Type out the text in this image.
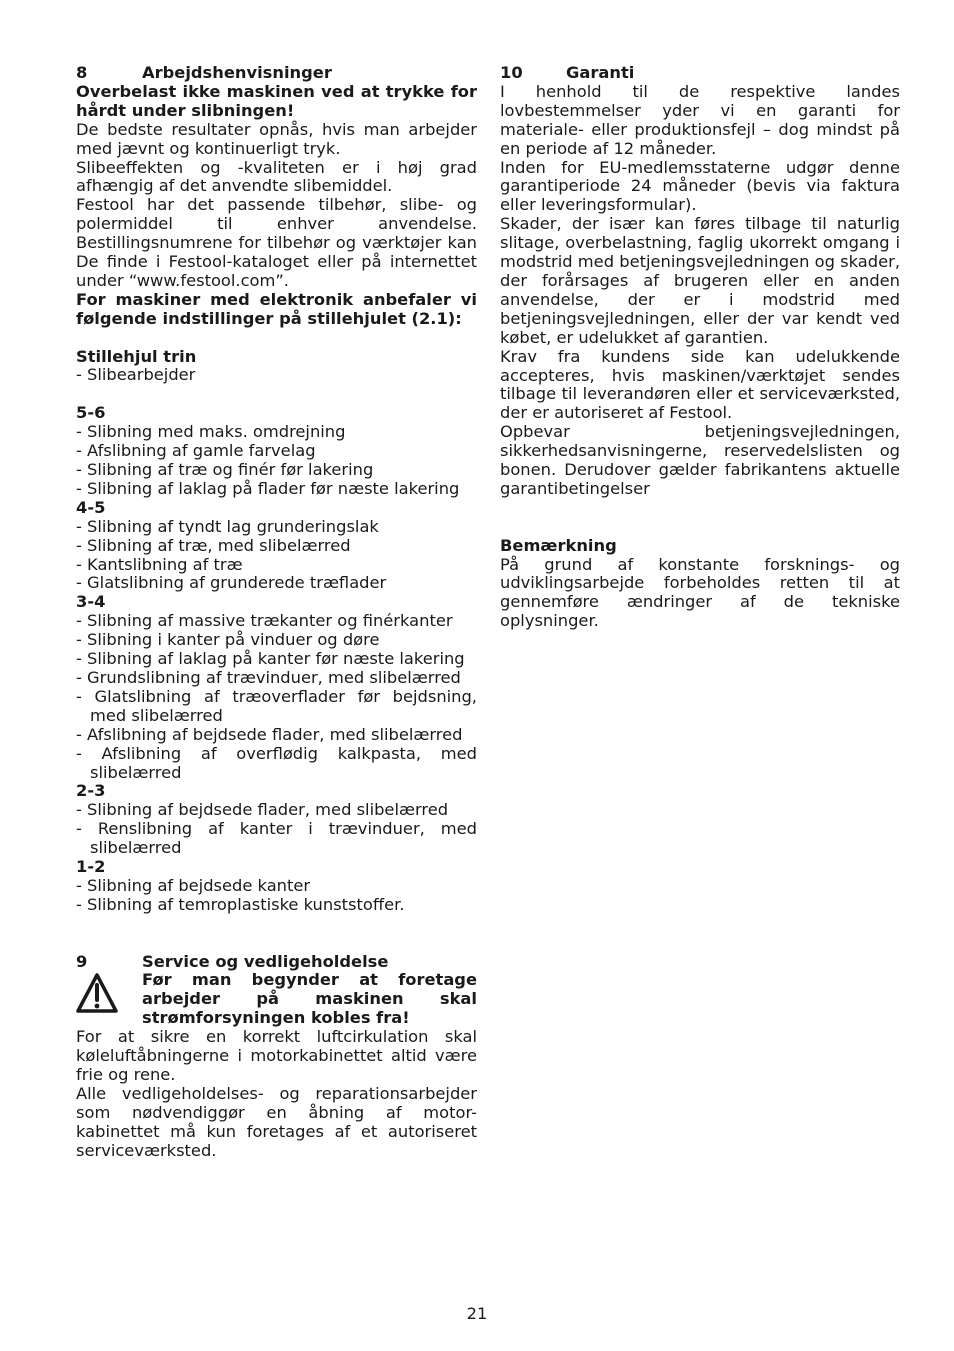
8	Arbejdshenvisninger

Overbelast ikke maskinen ved at trykke for hårdt under slibningen!

De bedste resultater opnås, hvis man arbejder med jævnt og kontinuerligt tryk.

Slibeeffekten og -kvaliteten er i høj grad afhængig af det anvendte slibemiddel.

Festool har det passende tilbehør, slibe- og polermiddel til enhver anvendelse. Bestillingsnumrene for tilbehør og værktøjer kan De finde i Festool-kataloget eller på internettet under “www.festool.com”.

For maskiner med elektronik anbefaler vi følgende indstillinger på stillehjulet (2.1):

Stillehjul trin

- Slibearbejder

5-6

- Slibning med maks. omdrejning

- Afslibning af gamle farvelag

- Slibning af træ og finér før lakering

- Slibning af laklag på flader før næste lakering

4-5

- Slibning af tyndt lag grunderingslak

- Slibning af træ, med slibelærred

- Kantslibning af træ

- Glatslibning af grunderede træflader

3-4

- Slibning af massive trækanter og finérkanter

- Slibning i kanter på vinduer og døre

- Slibning af laklag på kanter før næste lakering

- Grundslibning af trævinduer, med slibelærred

- Glatslibning af træoverflader før bejdsning, med slibelærred

- Afslibning af bejdsede flader, med slibelærred

- Afslibning af overflødig kalkpasta, med slibelærred

2-3

- Slibning af bejdsede flader, med slibelærred

- Renslibning af kanter i trævinduer, med slibelærred

1-2

- Slibning af bejdsede kanter

- Slibning af temroplastiske kunststoffer.

9	Service og vedligeholdelse
Før man begynder at foretage arbejder på maskinen skal strømforsyningen kobles fra!

For at sikre en korrekt luftcirkulation skal køleluftåbningerne i motorkabinettet altid være frie og rene.

Alle vedligeholdelses- og reparationsarbejder som nødvendiggør en åbning af motor-kabinettet må kun foretages af et autoriseret serviceværksted.

10	Garanti

I henhold til de respektive landes lovbestemmelser yder vi en garanti for materiale- eller produktionsfejl – dog mindst på en periode af 12 måneder.

Inden for EU-medlemsstaterne udgør denne garantiperiode 24 måneder (bevis via faktura eller leveringsformular).

Skader, der især kan føres tilbage til naturlig slitage, overbelastning, faglig ukorrekt omgang i modstrid med betjeningsvejledningen og skader, der forårsages af brugeren eller en anden anvendelse, der er i modstrid med betjeningsvejledningen, eller der var kendt ved købet, er udelukket af garantien.

Krav fra kundens side kan udelukkende accepteres, hvis maskinen/værktøjet sendes tilbage til leverandøren eller et serviceværksted, der er autoriseret af Festool.

Opbevar betjeningsvejledningen, sikkerhedsanvisningerne, reservedelslisten og bonen. Derudover gælder fabrikantens aktuelle garantibetingelser

Bemærkning

På grund af konstante forsknings- og udviklingsarbejde forbeholdes retten til at gennemføre ændringer af de tekniske oplysninger.

21
